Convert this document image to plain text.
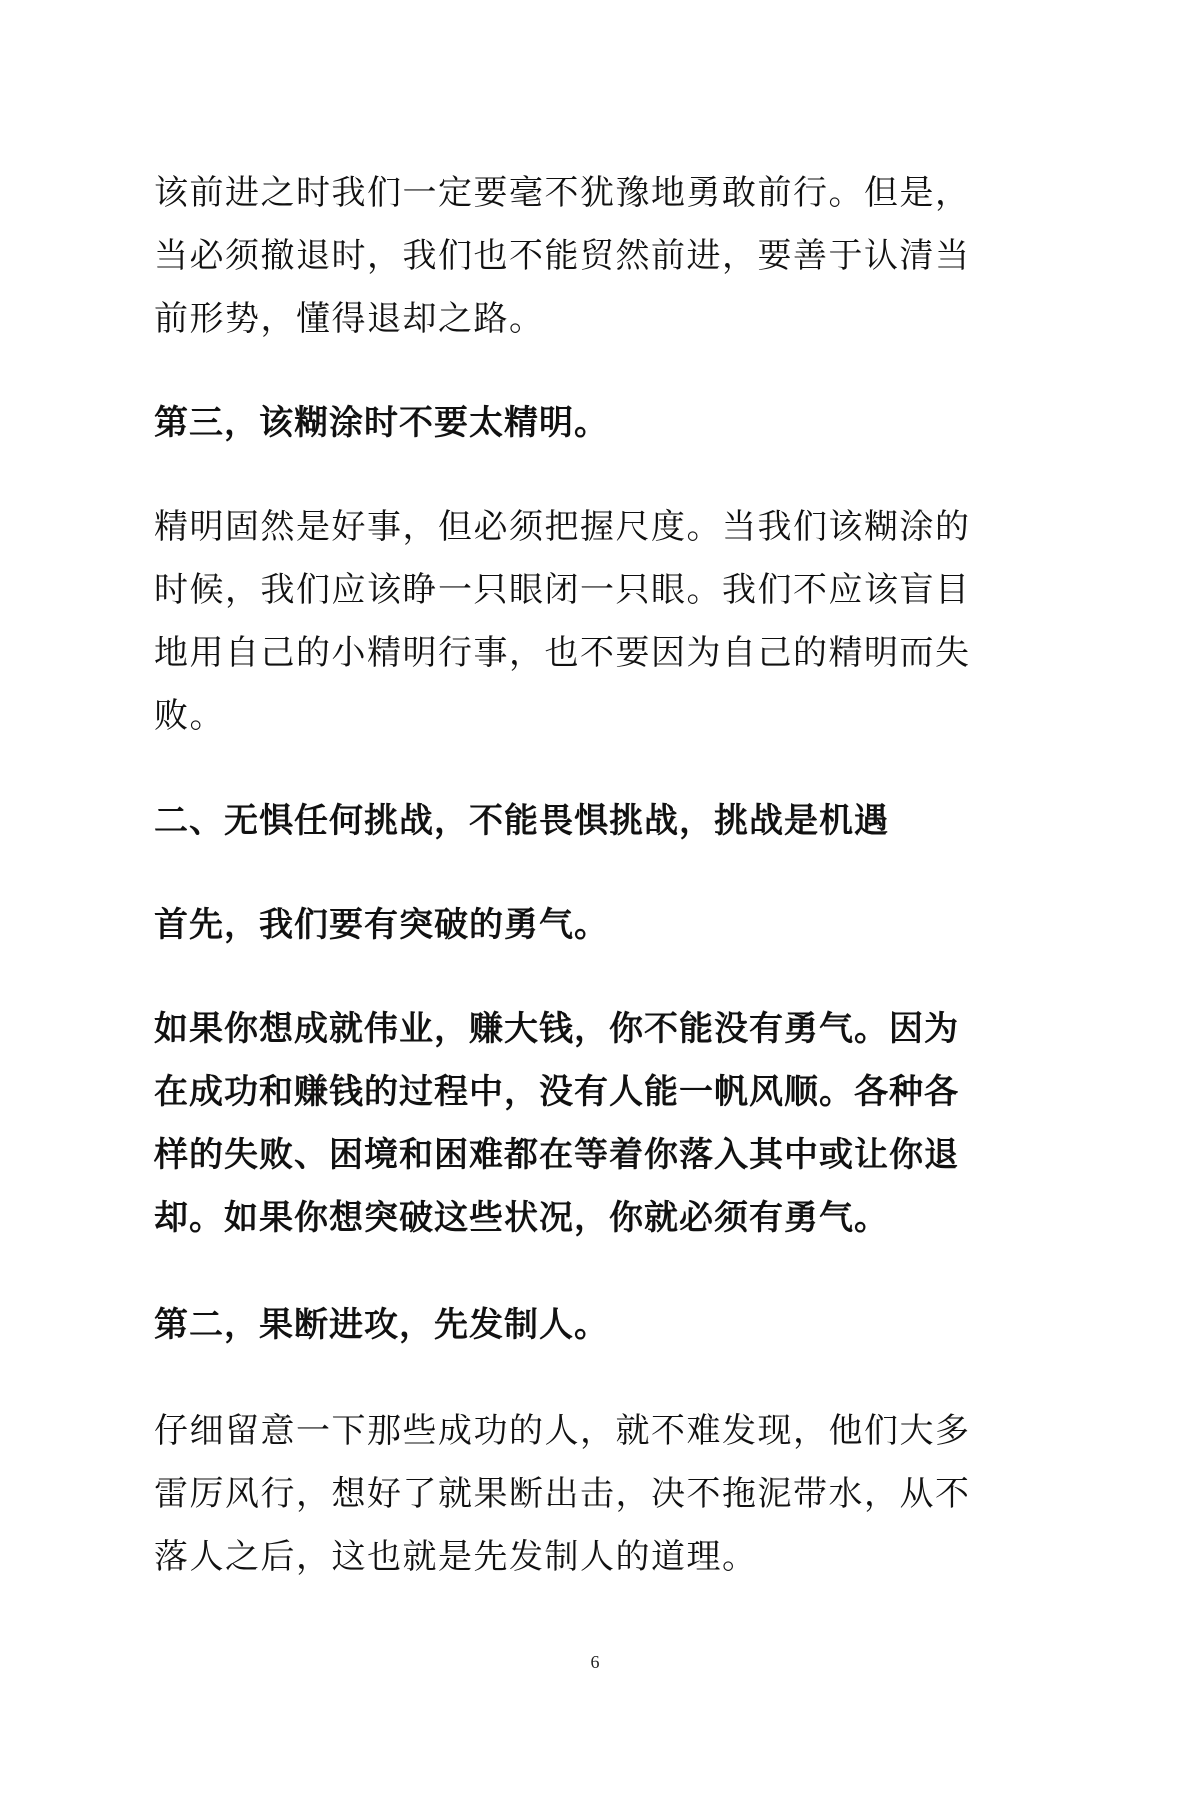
该前进之时我们一定要毫不犹豫地勇敢前行。但是，
当必须撤退时，我们也不能贸然前进，要善于认清当
前形势，懂得退却之路。
第三，该糊涂时不要太精明。
精明固然是好事，但必须把握尺度。当我们该糊涂的
时候，我们应该睁一只眼闭一只眼。我们不应该盲目
地用自己的小精明行事，也不要因为自己的精明而失
败。
二、无惧任何挑战，不能畏惧挑战，挑战是机遇
首先，我们要有突破的勇气。
如果你想成就伟业，赚大钱，你不能没有勇气。因为
在成功和赚钱的过程中，没有人能一帆风顺。各种各
样的失败、困境和困难都在等着你落入其中或让你退
却。如果你想突破这些状况，你就必须有勇气。
第二，果断进攻，先发制人。
仔细留意一下那些成功的人，就不难发现，他们大多
雷厉风行，想好了就果断出击，决不拖泥带水，从不
落人之后，这也就是先发制人的道理。
6
